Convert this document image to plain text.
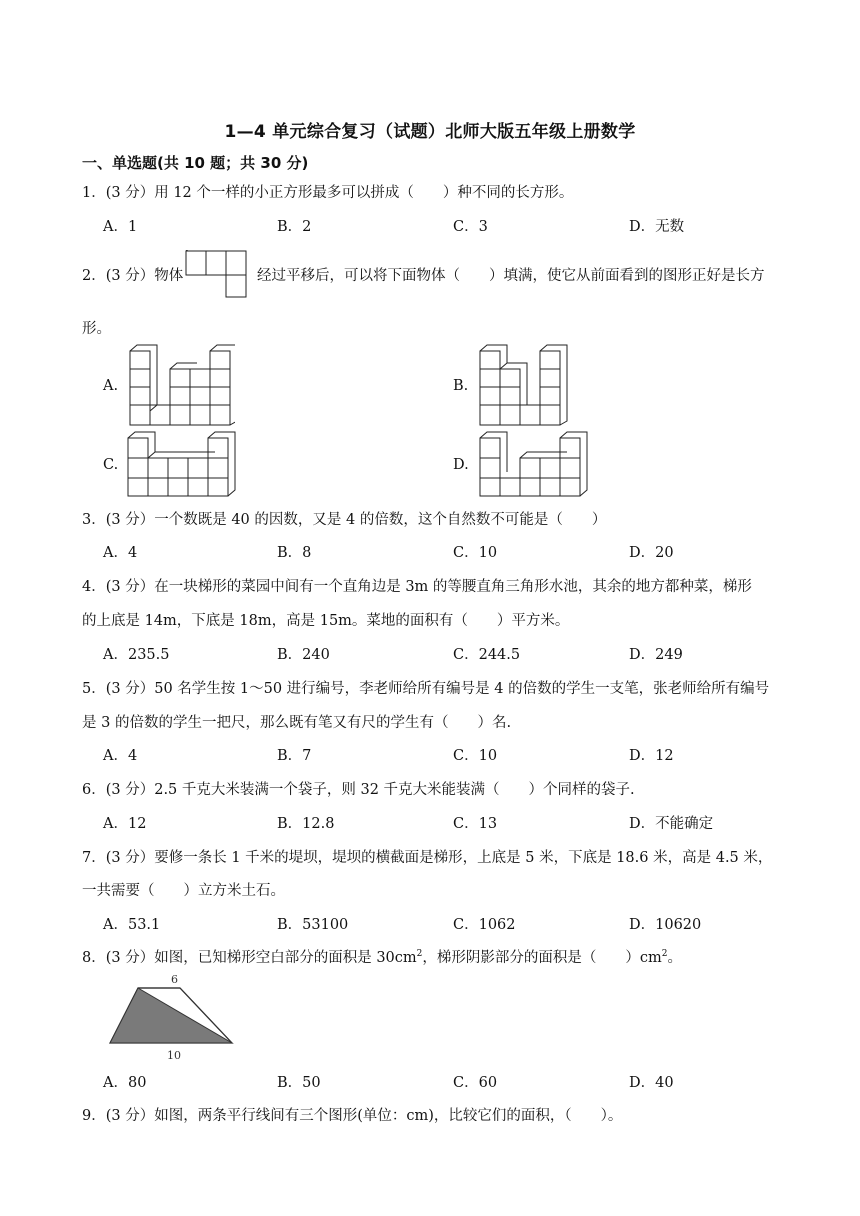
1—4 单元综合复习（试题）北师大版五年级上册数学
一、单选题(共 10 题；共 30 分)
1．(3 分）用 12 个一样的小正方形最多可以拼成（　　）种不同的长方形。
A．1	B．2	C．3	D．无数
2．(3 分）物体	经过平移后，可以将下面物体（　　）填满，使它从前面看到的图形正好是长方
形。
A.	B.
C.	D.
3．(3 分）一个数既是 40 的因数，又是 4 的倍数，这个自然数不可能是（　　）
A．4	B．8	C．10	D．20
4．(3 分）在一块梯形的菜园中间有一个直角边是 3m 的等腰直角三角形水池，其余的地方都种菜，梯形
的上底是 14m，下底是 18m，高是 15m。菜地的面积有（　　）平方米。
A．235.5	B．240	C．244.5	D．249
5．(3 分）50 名学生按 1～50 进行编号，李老师给所有编号是 4 的倍数的学生一支笔，张老师给所有编号
是 3 的倍数的学生一把尺，那么既有笔又有尺的学生有（　　）名.
A．4	B．7	C．10	D．12
6．(3 分）2.5 千克大米装满一个袋子，则 32 千克大米能装满（　　）个同样的袋子.
A．12	B．12.8	C．13	D．不能确定
7．(3 分）要修一条长 1 千米的堤坝，堤坝的横截面是梯形，上底是 5 米，下底是 18.6 米，高是 4.5 米，
一共需要（　　）立方米土石。
A．53.1	B．53100	C．1062	D．10620
8．(3 分）如图，已知梯形空白部分的面积是 $30cm^2$，梯形阴影部分的面积是（　　）$cm^2$。
6
10
A．80	B．50	C．60	D．40
9．(3 分）如图，两条平行线间有三个图形(单位：cm)，比较它们的面积，（　　）。
